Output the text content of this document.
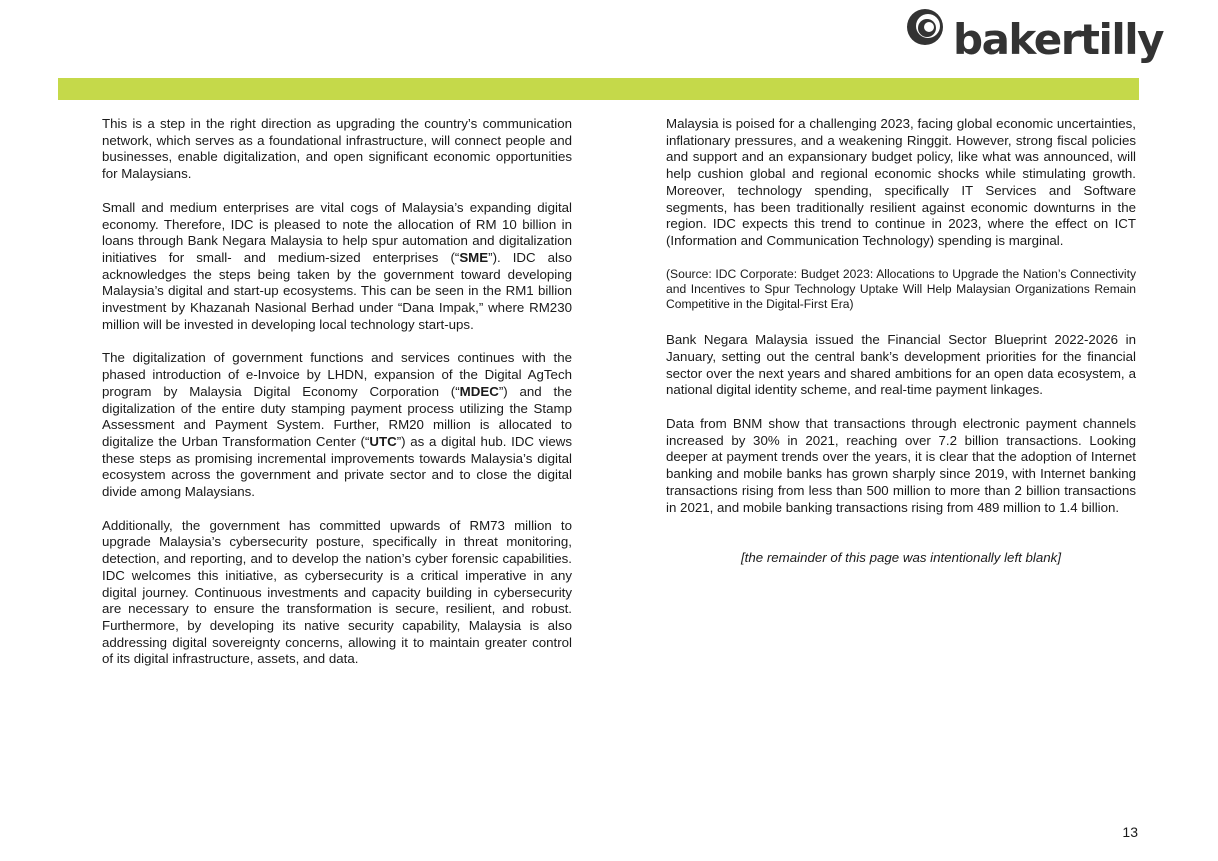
bakertilly

This is a step in the right direction as upgrading the country’s communication network, which serves as a foundational infrastructure, will connect people and businesses, enable digitalization, and open significant economic opportunities for Malaysians.

Small and medium enterprises are vital cogs of Malaysia’s expanding digital economy. Therefore, IDC is pleased to note the allocation of RM 10 billion in loans through Bank Negara Malaysia to help spur automation and digitalization initiatives for small- and medium-sized enterprises (“SME”). IDC also acknowledges the steps being taken by the government toward developing Malaysia’s digital and start-up ecosystems. This can be seen in the RM1 billion investment by Khazanah Nasional Berhad under “Dana Impak,” where RM230 million will be invested in developing local technology start-ups.

The digitalization of government functions and services continues with the phased introduction of e-Invoice by LHDN, expansion of the Digital AgTech program by Malaysia Digital Economy Corporation (“MDEC”) and the digitalization of the entire duty stamping payment process utilizing the Stamp Assessment and Payment System. Further, RM20 million is allocated to digitalize the Urban Transformation Center (“UTC”) as a digital hub. IDC views these steps as promising incremental improvements towards Malaysia’s digital ecosystem across the government and private sector and to close the digital divide among Malaysians.

Additionally, the government has committed upwards of RM73 million to upgrade Malaysia’s cybersecurity posture, specifically in threat monitoring, detection, and reporting, and to develop the nation’s cyber forensic capabilities. IDC welcomes this initiative, as cybersecurity is a critical imperative in any digital journey. Continuous investments and capacity building in cybersecurity are necessary to ensure the transformation is secure, resilient, and robust. Furthermore, by developing its native security capability, Malaysia is also addressing digital sovereignty concerns, allowing it to maintain greater control of its digital infrastructure, assets, and data.

Malaysia is poised for a challenging 2023, facing global economic uncertainties, inflationary pressures, and a weakening Ringgit. However, strong fiscal policies and support and an expansionary budget policy, like what was announced, will help cushion global and regional economic shocks while stimulating growth. Moreover, technology spending, specifically IT Services and Software segments, has been traditionally resilient against economic downturns in the region. IDC expects this trend to continue in 2023, where the effect on ICT (Information and Communication Technology) spending is marginal.

(Source: IDC Corporate: Budget 2023: Allocations to Upgrade the Nation’s Connectivity and Incentives to Spur Technology Uptake Will Help Malaysian Organizations Remain Competitive in the Digital-First Era)

Bank Negara Malaysia issued the Financial Sector Blueprint 2022-2026 in January, setting out the central bank’s development priorities for the financial sector over the next years and shared ambitions for an open data ecosystem, a national digital identity scheme, and real-time payment linkages.

Data from BNM show that transactions through electronic payment channels increased by 30% in 2021, reaching over 7.2 billion transactions. Looking deeper at payment trends over the years, it is clear that the adoption of Internet banking and mobile banks has grown sharply since 2019, with Internet banking transactions rising from less than 500 million to more than 2 billion transactions in 2021, and mobile banking transactions rising from 489 million to 1.4 billion.

[the remainder of this page was intentionally left blank]

13
